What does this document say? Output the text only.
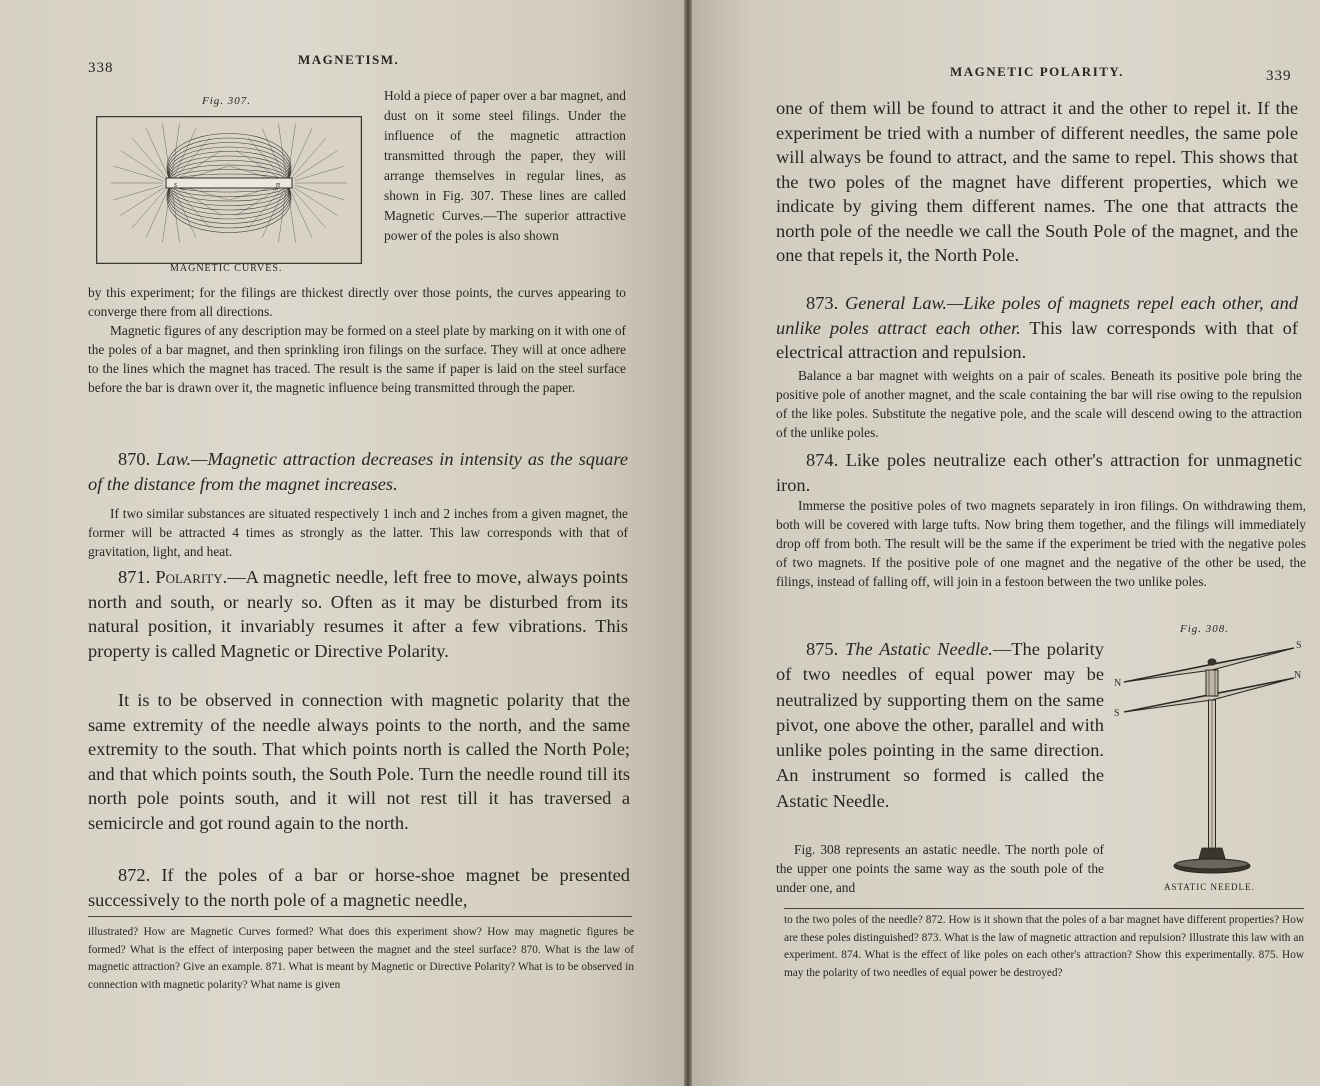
338
MAGNETISM.
Fig. 307.
s	n
MAGNETIC CURVES.
Hold a piece of paper over a bar magnet, and dust on it some steel filings. Under the influence of the magnetic attraction transmitted through the paper, they will arrange themselves in regular lines, as shown in Fig. 307. These lines are called Magnetic Curves.—The superior attractive power of the poles is also shown
by this experiment; for the filings are thickest directly over those points, the curves appearing to converge there from all directions.
Magnetic figures of any description may be formed on a steel plate by marking on it with one of the poles of a bar magnet, and then sprinkling iron filings on the surface. They will at once adhere to the lines which the magnet has traced. The result is the same if paper is laid on the steel surface before the bar is drawn over it, the magnetic influence being transmitted through the paper.
870. Law.—Magnetic attraction decreases in intensity as the square of the distance from the magnet increases.
If two similar substances are situated respectively 1 inch and 2 inches from a given magnet, the former will be attracted 4 times as strongly as the latter. This law corresponds with that of gravitation, light, and heat.
871. Polarity.—A magnetic needle, left free to move, always points north and south, or nearly so. Often as it may be disturbed from its natural position, it invariably resumes it after a few vibrations. This property is called Magnetic or Directive Polarity.
It is to be observed in connection with magnetic polarity that the same extremity of the needle always points to the north, and the same extremity to the south. That which points north is called the North Pole; and that which points south, the South Pole. Turn the needle round till its north pole points south, and it will not rest till it has traversed a semicircle and got round again to the north.
872. If the poles of a bar or horse-shoe magnet be presented successively to the north pole of a magnetic needle,
illustrated? How are Magnetic Curves formed? What does this experiment show? How may magnetic figures be formed? What is the effect of interposing paper between the magnet and the steel surface? 870. What is the law of magnetic attraction? Give an example. 871. What is meant by Magnetic or Directive Polarity? What is to be observed in connection with magnetic polarity? What name is given
MAGNETIC POLARITY.	339
one of them will be found to attract it and the other to repel it. If the experiment be tried with a number of different needles, the same pole will always be found to attract, and the same to repel. This shows that the two poles of the magnet have different properties, which we indicate by giving them different names. The one that attracts the north pole of the needle we call the South Pole of the magnet, and the one that repels it, the North Pole.
873. General Law.—Like poles of magnets repel each other, and unlike poles attract each other. This law corresponds with that of electrical attraction and repulsion.
Balance a bar magnet with weights on a pair of scales. Beneath its positive pole bring the positive pole of another magnet, and the scale containing the bar will rise owing to the repulsion of the like poles. Substitute the negative pole, and the scale will descend owing to the attraction of the unlike poles.
874. Like poles neutralize each other's attraction for unmagnetic iron.
Immerse the positive poles of two magnets separately in iron filings. On withdrawing them, both will be covered with large tufts. Now bring them together, and the filings will immediately drop off from both. The result will be the same if the experiment be tried with the negative poles of two magnets. If the positive pole of one magnet and the negative of the other be used, the filings, instead of falling off, will join in a festoon between the two unlike poles.
Fig. 308.
875. The Astatic Needle.—The polarity of two needles of equal power may be neutralized by supporting them on the same pivot, one above the other, parallel and with unlike poles pointing in the same direction. An instrument so formed is called the Astatic Needle.
Fig. 308 represents an astatic needle. The north pole of the upper one points the same way as the south pole of the under one, and
S
N
N
S
ASTATIC NEEDLE.
to the two poles of the needle? 872. How is it shown that the poles of a bar magnet have different properties? How are these poles distinguished? 873. What is the law of magnetic attraction and repulsion? Illustrate this law with an experiment. 874. What is the effect of like poles on each other's attraction? Show this experimentally. 875. How may the polarity of two needles of equal power be destroyed?
